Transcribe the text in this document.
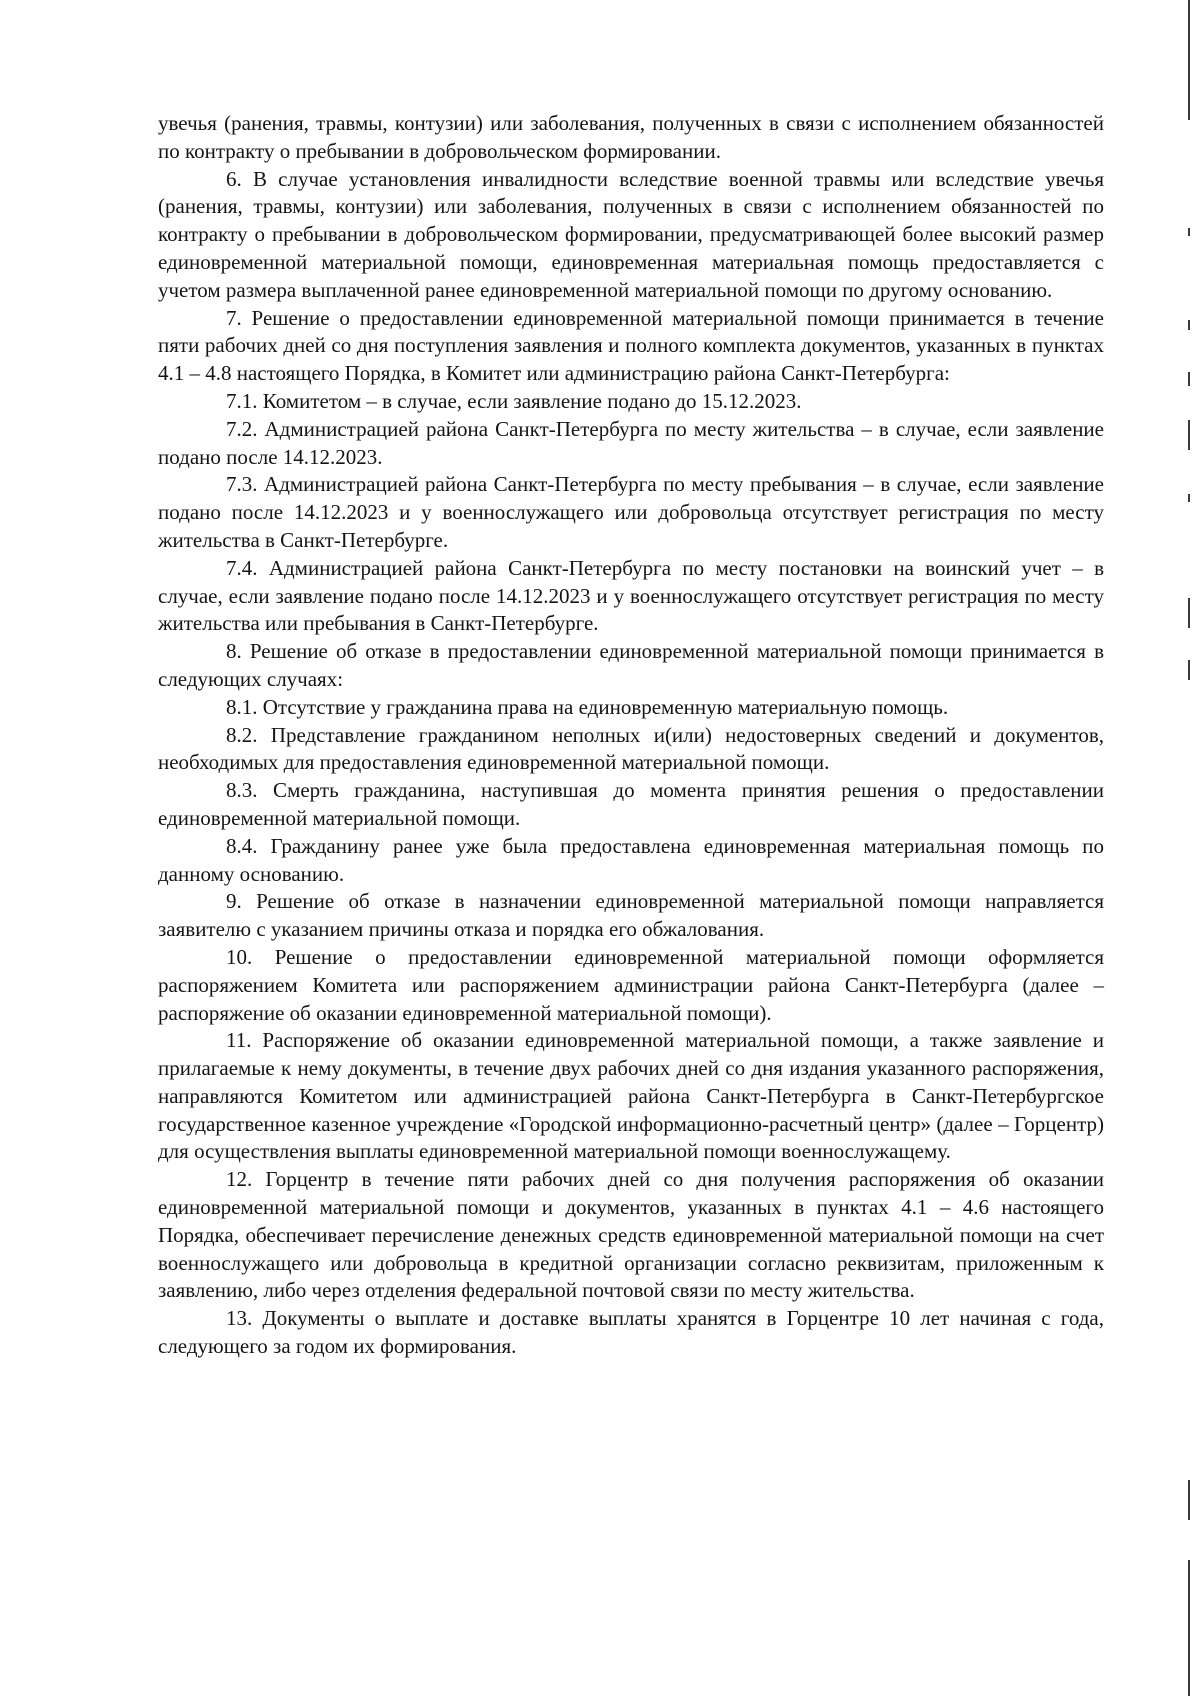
увечья (ранения, травмы, контузии) или заболевания, полученных в связи с исполнением обязанностей по контракту о пребывании в добровольческом формировании.

6. В случае установления инвалидности вследствие военной травмы или вследствие увечья (ранения, травмы, контузии) или заболевания, полученных в связи с исполнением обязанностей по контракту о пребывании в добровольческом формировании, предусматривающей более высокий размер единовременной материальной помощи, единовременная материальная помощь предоставляется с учетом размера выплаченной ранее единовременной материальной помощи по другому основанию.

7. Решение о предоставлении единовременной материальной помощи принимается в течение пяти рабочих дней со дня поступления заявления и полного комплекта документов, указанных в пунктах 4.1 – 4.8 настоящего Порядка, в Комитет или администрацию района Санкт-Петербурга:

7.1. Комитетом – в случае, если заявление подано до 15.12.2023.

7.2. Администрацией района Санкт-Петербурга по месту жительства – в случае, если заявление подано после 14.12.2023.

7.3. Администрацией района Санкт-Петербурга по месту пребывания – в случае, если заявление подано после 14.12.2023 и у военнослужащего или добровольца отсутствует регистрация по месту жительства в Санкт-Петербурге.

7.4. Администрацией района Санкт-Петербурга по месту постановки на воинский учет – в случае, если заявление подано после 14.12.2023 и у военнослужащего отсутствует регистрация по месту жительства или пребывания в Санкт-Петербурге.

8. Решение об отказе в предоставлении единовременной материальной помощи принимается в следующих случаях:

8.1. Отсутствие у гражданина права на единовременную материальную помощь.

8.2. Представление гражданином неполных и(или) недостоверных сведений и документов, необходимых для предоставления единовременной материальной помощи.

8.3. Смерть гражданина, наступившая до момента принятия решения о предоставлении единовременной материальной помощи.

8.4. Гражданину ранее уже была предоставлена единовременная материальная помощь по данному основанию.

9. Решение об отказе в назначении единовременной материальной помощи направляется заявителю с указанием причины отказа и порядка его обжалования.

10. Решение о предоставлении единовременной материальной помощи оформляется распоряжением Комитета или распоряжением администрации района Санкт-Петербурга (далее – распоряжение об оказании единовременной материальной помощи).

11. Распоряжение об оказании единовременной материальной помощи, а также заявление и прилагаемые к нему документы, в течение двух рабочих дней со дня издания указанного распоряжения, направляются Комитетом или администрацией района Санкт-Петербурга в Санкт-Петербургское государственное казенное учреждение «Городской информационно-расчетный центр» (далее – Горцентр) для осуществления выплаты единовременной материальной помощи военнослужащему.

12. Горцентр в течение пяти рабочих дней со дня получения распоряжения об оказании единовременной материальной помощи и документов, указанных в пунктах 4.1 – 4.6 настоящего Порядка, обеспечивает перечисление денежных средств единовременной материальной помощи на счет военнослужащего или добровольца в кредитной организации согласно реквизитам, приложенным к заявлению, либо через отделения федеральной почтовой связи по месту жительства.

13. Документы о выплате и доставке выплаты хранятся в Горцентре 10 лет начиная с года, следующего за годом их формирования.
